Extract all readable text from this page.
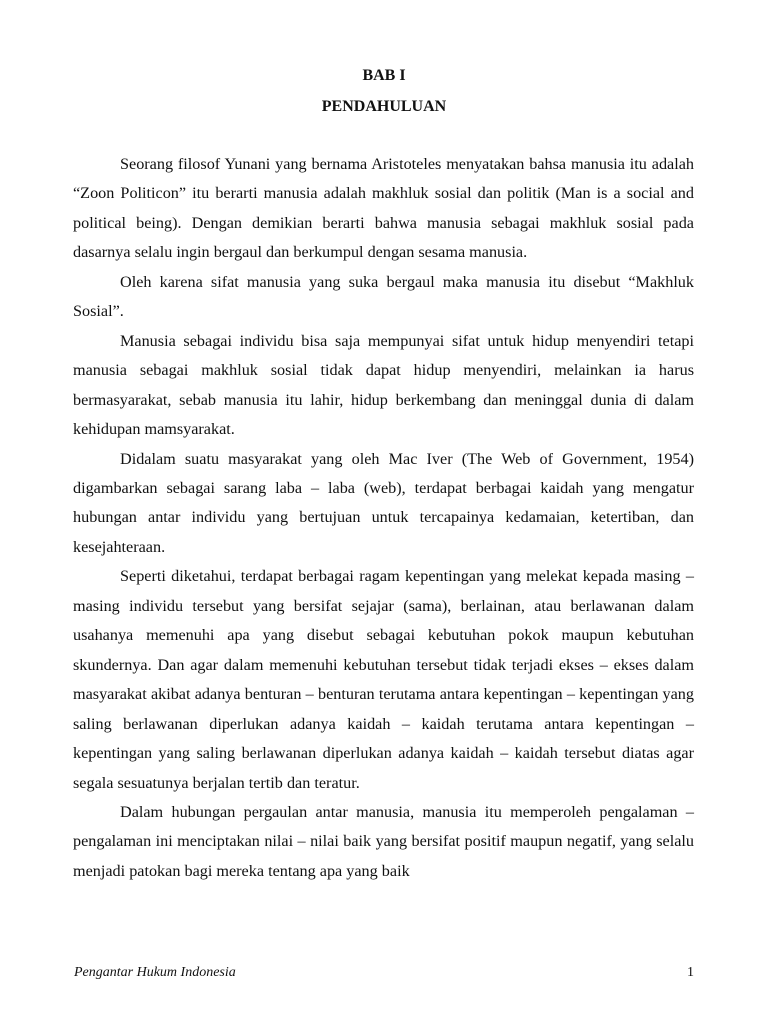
BAB I
PENDAHULUAN

Seorang filosof Yunani yang bernama Aristoteles menyatakan bahsa manusia itu adalah “Zoon Politicon” itu berarti manusia adalah makhluk sosial dan politik (Man is a social and political being). Dengan demikian berarti bahwa manusia sebagai makhluk sosial pada dasarnya selalu ingin bergaul dan berkumpul dengan sesama manusia.

Oleh karena sifat manusia yang suka bergaul maka manusia itu disebut “Makhluk Sosial”.

Manusia sebagai individu bisa saja mempunyai sifat untuk hidup menyendiri tetapi manusia sebagai makhluk sosial tidak dapat hidup menyendiri, melainkan ia harus bermasyarakat, sebab manusia itu lahir, hidup berkembang dan meninggal dunia di dalam kehidupan mamsyarakat.

Didalam suatu masyarakat yang oleh Mac Iver (The Web of Government, 1954) digambarkan sebagai sarang laba – laba (web), terdapat berbagai kaidah yang mengatur hubungan antar individu yang bertujuan untuk tercapainya kedamaian, ketertiban, dan kesejahteraan.

Seperti diketahui, terdapat berbagai ragam kepentingan yang melekat kepada masing – masing individu tersebut yang bersifat sejajar (sama), berlainan, atau berlawanan dalam usahanya memenuhi apa yang disebut sebagai kebutuhan pokok maupun kebutuhan skundernya. Dan agar dalam memenuhi kebutuhan tersebut tidak terjadi ekses – ekses dalam masyarakat akibat adanya benturan – benturan terutama antara kepentingan – kepentingan yang saling berlawanan diperlukan adanya kaidah – kaidah terutama antara kepentingan – kepentingan yang saling berlawanan diperlukan adanya kaidah – kaidah tersebut diatas agar segala sesuatunya berjalan tertib dan teratur.

Dalam hubungan pergaulan antar manusia, manusia itu memperoleh pengalaman – pengalaman ini menciptakan nilai – nilai baik yang bersifat positif maupun negatif, yang selalu menjadi patokan bagi mereka tentang apa yang baik

Pengantar Hukum Indonesia	1
